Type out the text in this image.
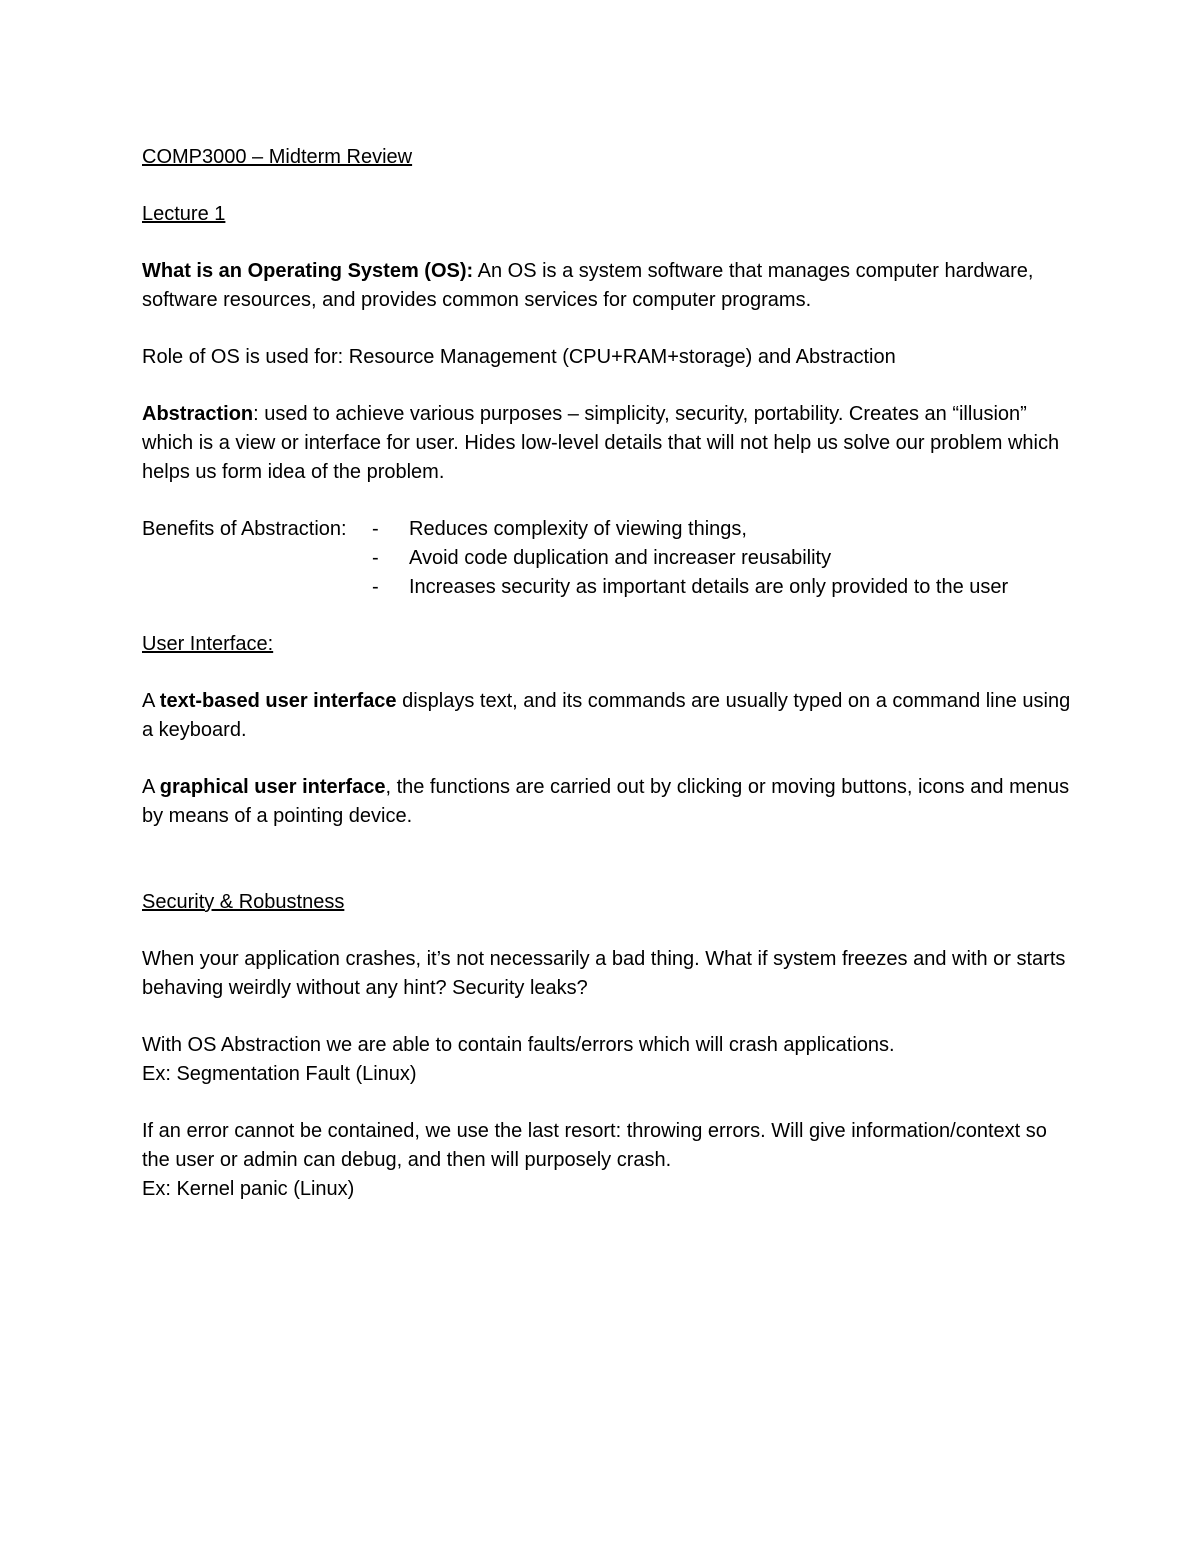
COMP3000 – Midterm Review

Lecture 1

What is an Operating System (OS): An OS is a system software that manages computer hardware, software resources, and provides common services for computer programs.

Role of OS is used for: Resource Management (CPU+RAM+storage) and Abstraction

Abstraction: used to achieve various purposes – simplicity, security, portability. Creates an “illusion” which is a view or interface for user. Hides low-level details that will not help us solve our problem which helps us form idea of the problem.

Benefits of Abstraction: - Reduces complexity of viewing things,
- Avoid code duplication and increaser reusability
- Increases security as important details are only provided to the user

User Interface:

A text-based user interface displays text, and its commands are usually typed on a command line using a keyboard.

A graphical user interface, the functions are carried out by clicking or moving buttons, icons and menus by means of a pointing device.

Security & Robustness

When your application crashes, it’s not necessarily a bad thing. What if system freezes and with or starts behaving weirdly without any hint? Security leaks?

With OS Abstraction we are able to contain faults/errors which will crash applications.

Ex: Segmentation Fault (Linux)

If an error cannot be contained, we use the last resort: throwing errors. Will give information/context so the user or admin can debug, and then will purposely crash.

Ex: Kernel panic (Linux)
